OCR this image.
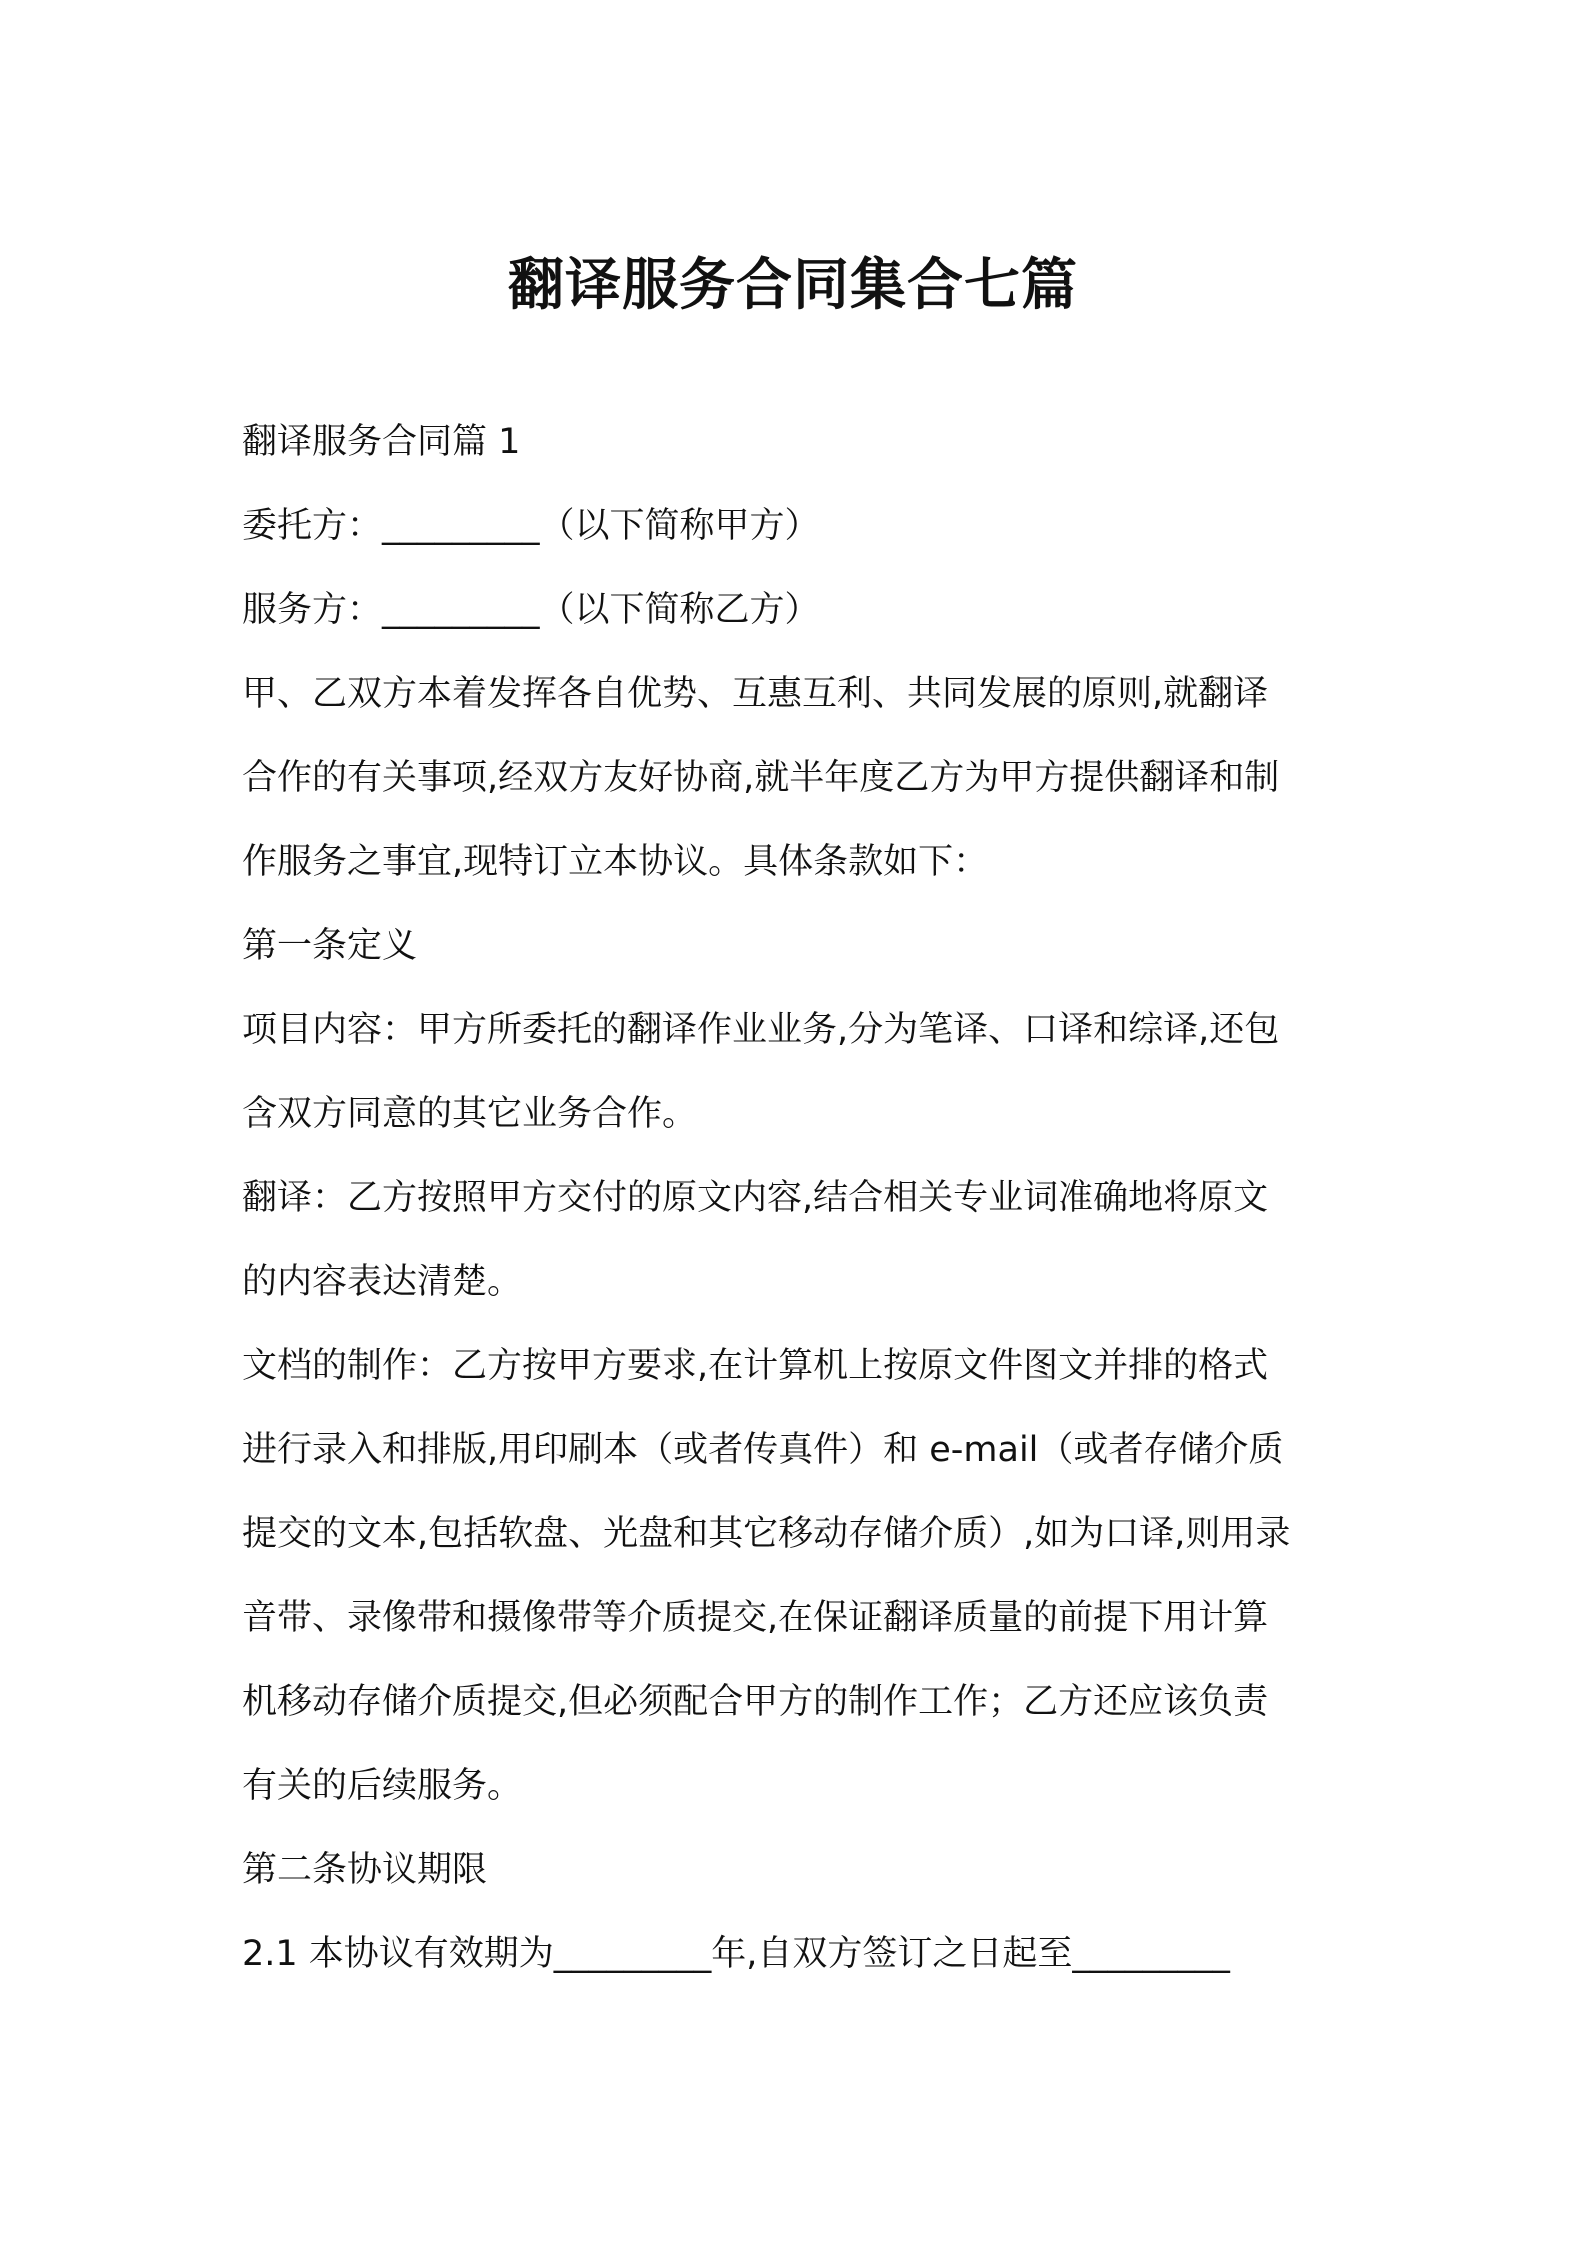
翻译服务合同集合七篇

翻译服务合同篇 1

委托方：_________（以下简称甲方）

服务方：_________（以下简称乙方）

甲、乙双方本着发挥各自优势、互惠互利、共同发展的原则,就翻译

合作的有关事项,经双方友好协商,就半年度乙方为甲方提供翻译和制

作服务之事宜,现特订立本协议。具体条款如下：

第一条定义

项目内容：甲方所委托的翻译作业业务,分为笔译、口译和综译,还包

含双方同意的其它业务合作。

翻译：乙方按照甲方交付的原文内容,结合相关专业词准确地将原文

的内容表达清楚。

文档的制作：乙方按甲方要求,在计算机上按原文件图文并排的格式

进行录入和排版,用印刷本（或者传真件）和 e-mail（或者存储介质

提交的文本,包括软盘、光盘和其它移动存储介质）,如为口译,则用录

音带、录像带和摄像带等介质提交,在保证翻译质量的前提下用计算

机移动存储介质提交,但必须配合甲方的制作工作；乙方还应该负责

有关的后续服务。

第二条协议期限

2.1 本协议有效期为_________年,自双方签订之日起至_________
